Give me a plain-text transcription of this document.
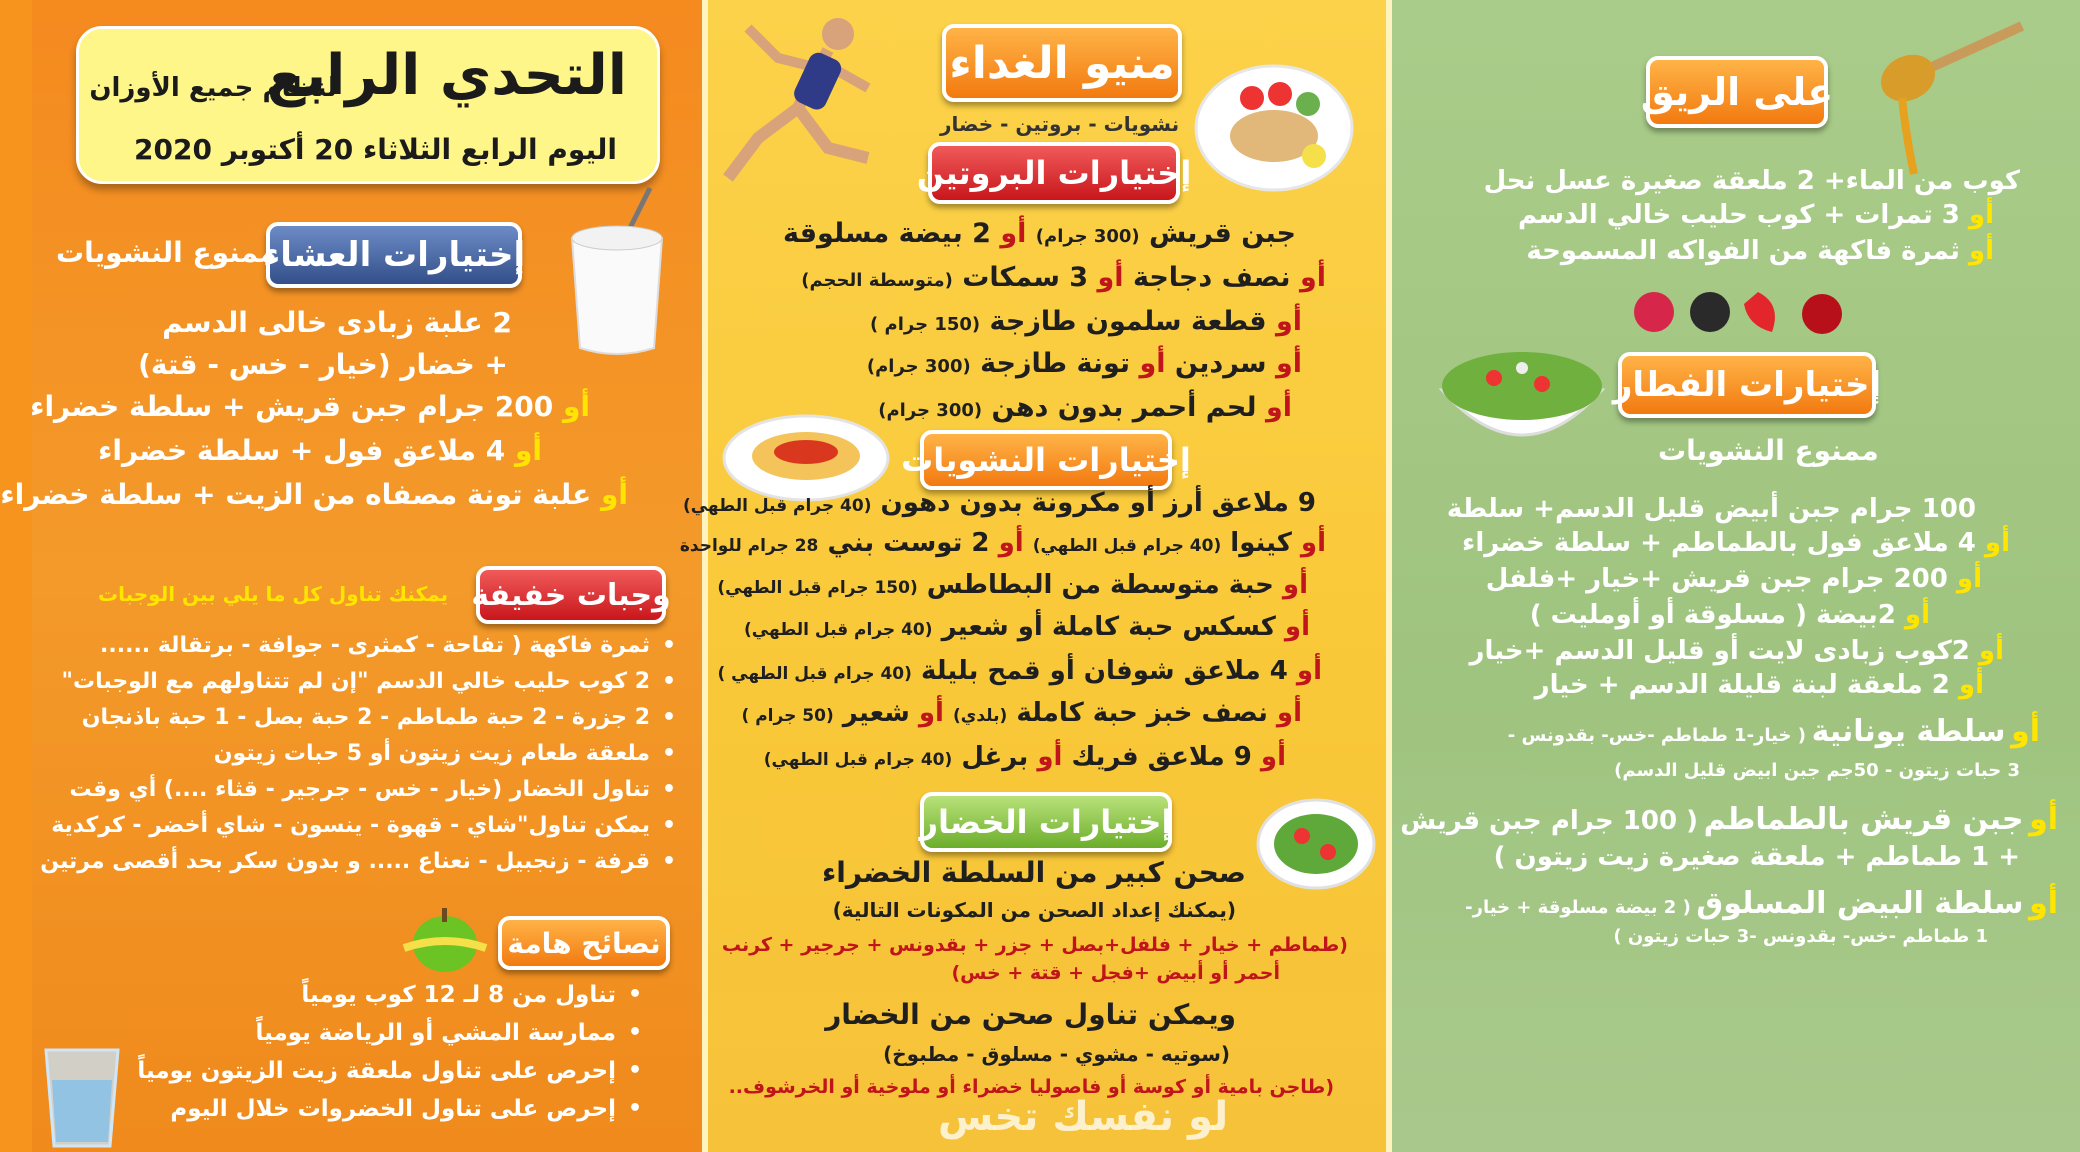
التحدي الرابع
لنظام جميع الأوزان
اليوم الرابع الثلاثاء 20 أكتوبر 2020
إختيارات العشاء
ممنوع النشويات
2 علبة زبادى خالى الدسم
+ خضار (خيار - خس - قتة)
أو 200 جرام جبن قريش + سلطة خضراء
أو 4 ملاعق فول + سلطة خضراء
أو علبة تونة مصفاه من الزيت + سلطة خضراء
وجبات خفيفة
يمكنك تناول كل ما يلي بين الوجبات
• ثمرة فاكهة ( تفاحة - كمثرى - جوافة - برتقالة ......
• 2 كوب حليب خالي الدسم "إن لم تتناولهم مع الوجبات"
• 2 جزرة - 2 حبة طماطم - 2 حبة بصل - 1 حبة باذنجان
• ملعقة طعام زيت زيتون أو 5 حبات زيتون
• تناول الخضار (خيار - خس - جرجير - قثاء ....) أي وقت
• يمكن تناول"شاي - قهوة - ينسون - شاي أخضر - كركدية
• قرفة - زنجبيل - نعناع ..... و بدون سكر بحد أقصى مرتين
نصائح هامة
• تناول من 8 لـ 12 كوب يومياً
• ممارسة المشي أو الرياضة يومياً
• إحرص على تناول ملعقة زيت الزيتون يومياً
• إحرص على تناول الخضروات خلال اليوم
منيو الغداء
نشويات - بروتين - خضار
إختيارات البروتين
جبن قريش (300 جرام) أو 2 بيضة مسلوقة
أو نصف دجاجة أو 3 سمكات (متوسطة الحجم)
أو قطعة سلمون طازجة (150 جرام )
أو سردين أو تونة طازجة (300 جرام)
أو لحم أحمر بدون دهن (300 جرام)
إختيارات النشويات
9 ملاعق أرز أو مكرونة بدون دهون (40 جرام قبل الطهي)
أو كينوا (40 جرام قبل الطهي) أو 2 توست بني 28 جرام للواحدة
أو حبة متوسطة من البطاطس (150 جرام قبل الطهي)
أو كسكس حبة كاملة أو شعير (40 جرام قبل الطهي)
أو 4 ملاعق شوفان أو قمح بليلة (40 جرام قبل الطهي )
أو نصف خبز حبة كاملة (بلدي) أو شعير (50 جرام )
أو 9 ملاعق فريك أو برغل (40 جرام قبل الطهي)
إختيارات الخضار
صحن كبير من السلطة الخضراء
(يمكنك إعداد الصحن من المكونات التالية)
(طماطم + خيار + فلفل+بصل + جزر + بقدونس + جرجير + كرنب
أحمر أو أبيض +فجل + قتة + خس)
ويمكن تناول صحن من الخضار
(سوتيه - مشوي - مسلوق - مطبوخ)
(طاجن بامية أو كوسة أو فاصوليا خضراء أو ملوخية أو الخرشوف..
لو نفسك تخس
على الريق
كوب من الماء+ 2 ملعقة صغيرة عسل نحل
أو 3 تمرات + كوب حليب خالي الدسم
أو ثمرة فاكهة من الفواكه المسموحة
إختيارات الفطار
ممنوع النشويات
100 جرام جبن أبيض قليل الدسم+ سلطة
أو 4 ملاعق فول بالطماطم + سلطة خضراء
أو 200 جرام جبن قريش +خيار +فلفل
أو 2بيضة ( مسلوقة أو أومليت )
أو 2كوب زبادى لايت أو قليل الدسم +خيار
أو 2 ملعقة لبنة قليلة الدسم + خيار
أو سلطة يونانية ( خيار-1 طماطم -خس- بقدونس -
3 حبات زيتون - 50جم جبن ابيض قليل الدسم)
أو جبن قريش بالطماطم ( 100 جرام جبن قريش
+ 1 طماطم + ملعقة صغيرة زيت زيتون )
أو سلطة البيض المسلوق ( 2 بيضة مسلوقة + خيار-
1 طماطم -خس- بقدونس -3 حبات زيتون )
